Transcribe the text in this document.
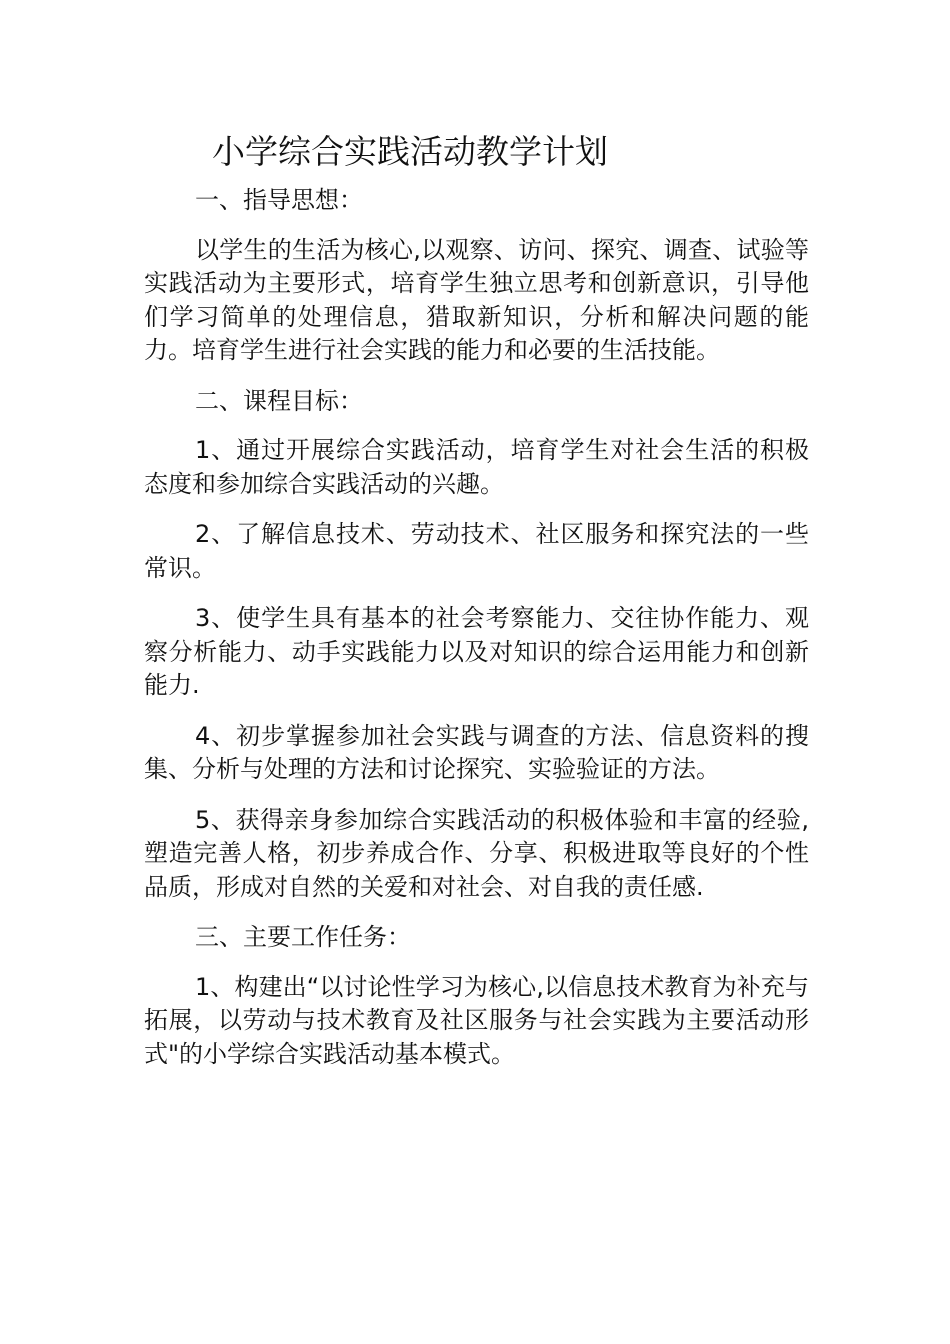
小学综合实践活动教学计划

一、指导思想：

以学生的生活为核心,以观察、访问、探究、调查、试验等实践活动为主要形式，培育学生独立思考和创新意识，引导他们学习简单的处理信息，猎取新知识，分析和解决问题的能力。培育学生进行社会实践的能力和必要的生活技能。

二、课程目标：

1、通过开展综合实践活动，培育学生对社会生活的积极态度和参加综合实践活动的兴趣。

2、了解信息技术、劳动技术、社区服务和探究法的一些常识。

3、使学生具有基本的社会考察能力、交往协作能力、观察分析能力、动手实践能力以及对知识的综合运用能力和创新能力.

4、初步掌握参加社会实践与调查的方法、信息资料的搜集、分析与处理的方法和讨论探究、实验验证的方法。

5、获得亲身参加综合实践活动的积极体验和丰富的经验,塑造完善人格，初步养成合作、分享、积极进取等良好的个性品质，形成对自然的关爱和对社会、对自我的责任感.

三、主要工作任务：

1、构建出“以讨论性学习为核心,以信息技术教育为补充与拓展，以劳动与技术教育及社区服务与社会实践为主要活动形式"的小学综合实践活动基本模式。
